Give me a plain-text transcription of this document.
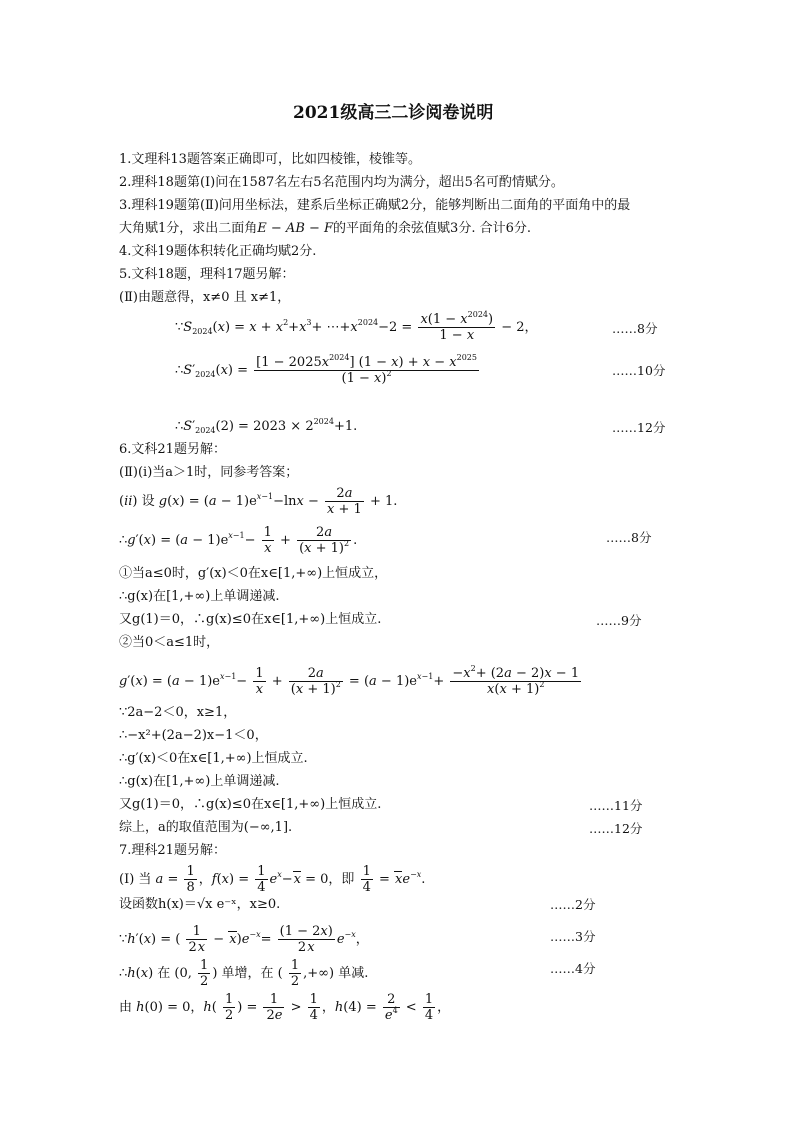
2021级高三二诊阅卷说明
1.文理科13题答案正确即可，比如四棱锥，棱锥等。
2.理科18题第(Ⅰ)问在1587名左右5名范围内均为满分，超出5名可酌情赋分。
3.理科19题第(Ⅱ)问用坐标法，建系后坐标正确赋2分，能够判断出二面角的平面角中的最
大角赋1分，求出二面角E − AB − F的平面角的余弦值赋3分. 合计6分.
4.文科19题体积转化正确均赋2分.
5.文科18题，理科17题另解：
(Ⅱ)由题意得，x≠0 且 x≠1，
$\because S_{2024}(x) = x + x^2+x^3+$ $\cdots+x^{2024}-2 = \frac{x(1 - x^{2024})}{1 - x} - 2$，	……8分
$\therefore S'_{2024}(x) = \frac{[1 - 2025x^{2024}] (1 - x) + x - x^{2025}}{(1 - x)^2}$	……10分
$\therefore S'_{2024}(2) = 2023 \times 2^{2024}+1$.	……12分
6.文科21题另解：
(Ⅱ)(i)当a＞1时，同参考答案；
(ii) 设 $g(x) = (a - 1)e^{x-1}-\ln x - \frac{2a}{x + 1} + 1$.
∴g′(x) = $(a - 1)e^{x-1}- \frac{1}{x} + \frac{2a}{(x + 1)^2}$ .	……8分
①当a≤0时，g′(x)＜0在x∈[1,+∞)上恒成立，
∴g(x)在[1,+∞)上单调递减.
又g(1)＝0，∴g(x)≤0在x∈[1,+∞)上恒成立.	……9分
②当0＜a≤1时，
$g'(x) = (a - 1)e^{x-1}- \frac{1}{x} + \frac{2a}{(x + 1)^2} = (a - 1)e^{x-1}+ \frac{-x^2+ (2a - 2)x - 1}{x(x + 1)^2}$
∵2a−2＜0，x≥1，
∴−x²+(2a−2)x−1＜0，
∴g′(x)＜0在x∈[1,+∞)上恒成立.
∴g(x)在[1,+∞)上单调递减.
又g(1)＝0，∴g(x)≤0在x∈[1,+∞)上恒成立.	……11分
综上，a的取值范围为(−∞,1].	……12分
7.理科21题另解：
(Ⅰ) 当 $a = \frac{1}{8}$ ，$f(x) = \frac{1}{4} e^x-x = 0$，即 $\frac{1}{4} = xe^{-x}$.
设函数h(x)＝√x e⁻ˣ，x≥0.	……2分
∵h′(x) = ( $\frac{1}{2x} - x)e^{-x}= \frac{(1 - 2x)}{2x} e^{-x}$，	……3分
∴h(x) 在 (0, $\frac{1}{2}$ ) 单增，在 ( $\frac{1}{2}$ ,+∞) 单减.	……4分
由 h(0) = 0，$h( \frac{1}{2}$ ) = $\frac{1}{2e} > \frac{1}{4}$ ，$h(4) = \frac{2}{e^4} < \frac{1}{4}$ ，
